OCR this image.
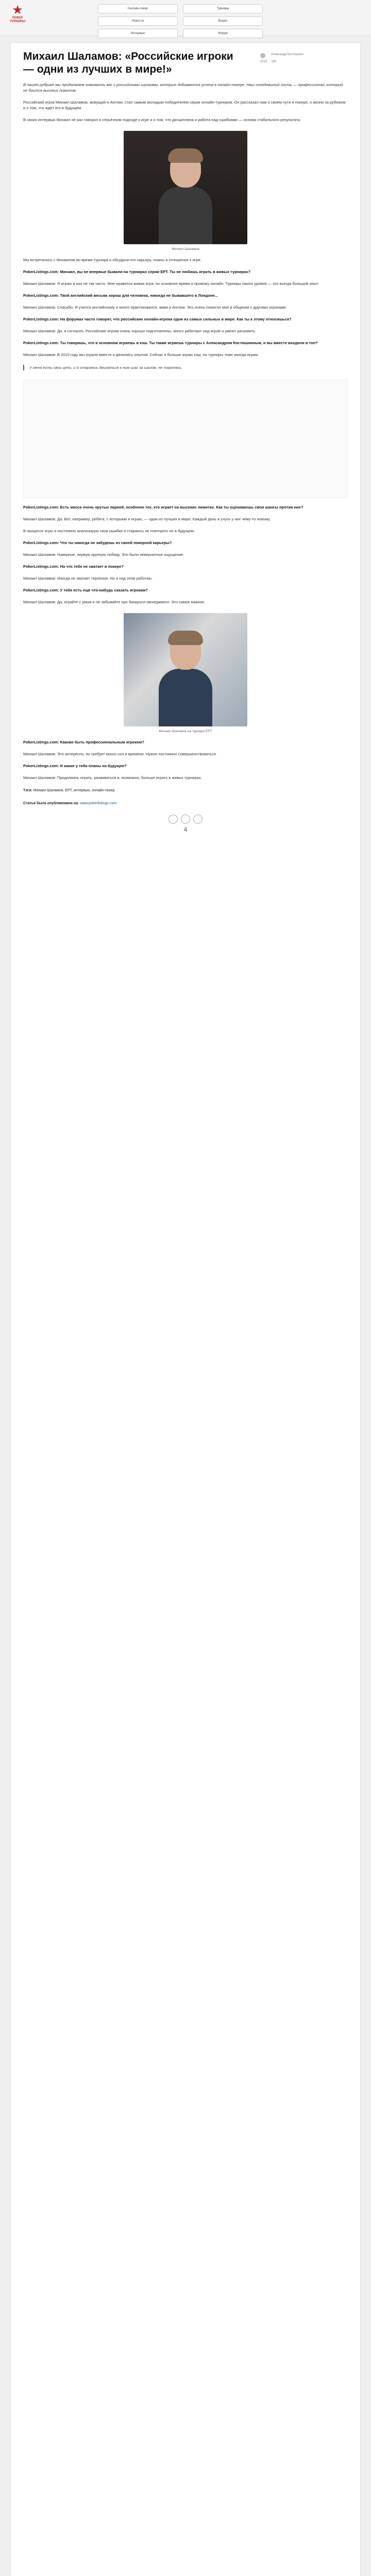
★
ПОКЕР ТУРНИРЫ
Онлайн-покер	Турниры
Новости	Видео
Интервью	Форум
Михаил Шаламов: «Российские игроки — одни из лучших в мире!»
Александр Костюшкин
2015 190

В нашей рубрике мы продолжаем знакомить вас с российскими игроками, которые добиваются успеха в онлайн-покере. Наш сегодняшний гость — профессионал, который не боится высоких лимитов.

Российский игрок Михаил Шаламов, живущий в Англии, стал самым молодым победителем серии онлайн-турниров. Он рассказал нам о своём пути в покере, о жизни за рубежом и о том, что ждёт его в будущем.

В своих интервью Михаил не раз говорил о серьёзном подходе к игре и о том, что дисциплина и работа над ошибками — основа стабильного результата.

Михаил Шаламов

Мы встретились с Михаилом во время турнира и обсудили его карьеру, планы и отношение к игре.

PokerListings.com: Михаил, вы не впервые бывали на турнирах серии EPT. Ты не любишь играть в живых турнирах?

Михаил Шаламов: Я играю в них не так часто. Мне нравится живая игра, но основное время я провожу онлайн. Турниры такого уровня — это всегда большой опыт.

PokerListings.com: Твой английский весьма хорош для человека, никогда не бывавшего в Лондоне...

Михаил Шаламов: Спасибо. Я учился английскому и много практиковался, живя в Англии. Это очень помогло мне в общении с другими игроками.

PokerListings.com: На форумах часто говорят, что российские онлайн-игроки одни из самых сильных в мире. Как ты к этому относишься?

Михаил Шаламов: Да, я согласен. Российские игроки очень хорошо подготовлены, много работают над игрой и умеют рисковать.

PokerListings.com: Ты говоришь, что в основном играешь в кэш. Ты также играешь турниры с Александром Костюшкиным, и вы вместе входили в топ?

Михаил Шаламов: В 2010 году мы играли вместе и делились опытом. Сейчас я больше играю кэш, но турниры тоже иногда играю.

У меня есть свои цели, и я стараюсь двигаться к ним шаг за шагом, не торопясь.

PokerListings.com: Есть масса очень крутых парней, особенно тех, кто играет на высоких лимитах. Как ты оцениваешь свои шансы против них?

Михаил Шаламов: Да. Вот, например, ребята, с которыми я играю, — одни из лучших в мире. Каждый день я учусь у них чему-то новому.

В процессе игры я постоянно анализирую свои ошибки и стараюсь не повторять их в будущем.

PokerListings.com: Что ты никогда не забудешь из своей покерной карьеры?

Михаил Шаламов: Наверное, первую крупную победу. Это было невероятное ощущение.

PokerListings.com: На что тебе не хватает в покере?

Михаил Шаламов: Иногда не хватает терпения. Но я над этим работаю.

PokerListings.com: У тебя есть ещё что-нибудь сказать игрокам?

Михаил Шаламов: Да, играйте с умом и не забывайте про банкролл-менеджмент. Это самое важное.

Михаил Шаламов на турнире EPT

PokerListings.com: Каково быть профессиональным игроком?

Михаил Шаламов: Это интересно, но требует много сил и времени. Нужно постоянно совершенствоваться.

PokerListings.com: И какие у тебя планы на будущее?

Михаил Шаламов: Продолжать играть, развиваться и, возможно, больше играть в живых турнирах.

Тэги: Михаил Шаламов, EPT, интервью, онлайн-покер
Статья была опубликована на: www.pokerlistings.com
4
